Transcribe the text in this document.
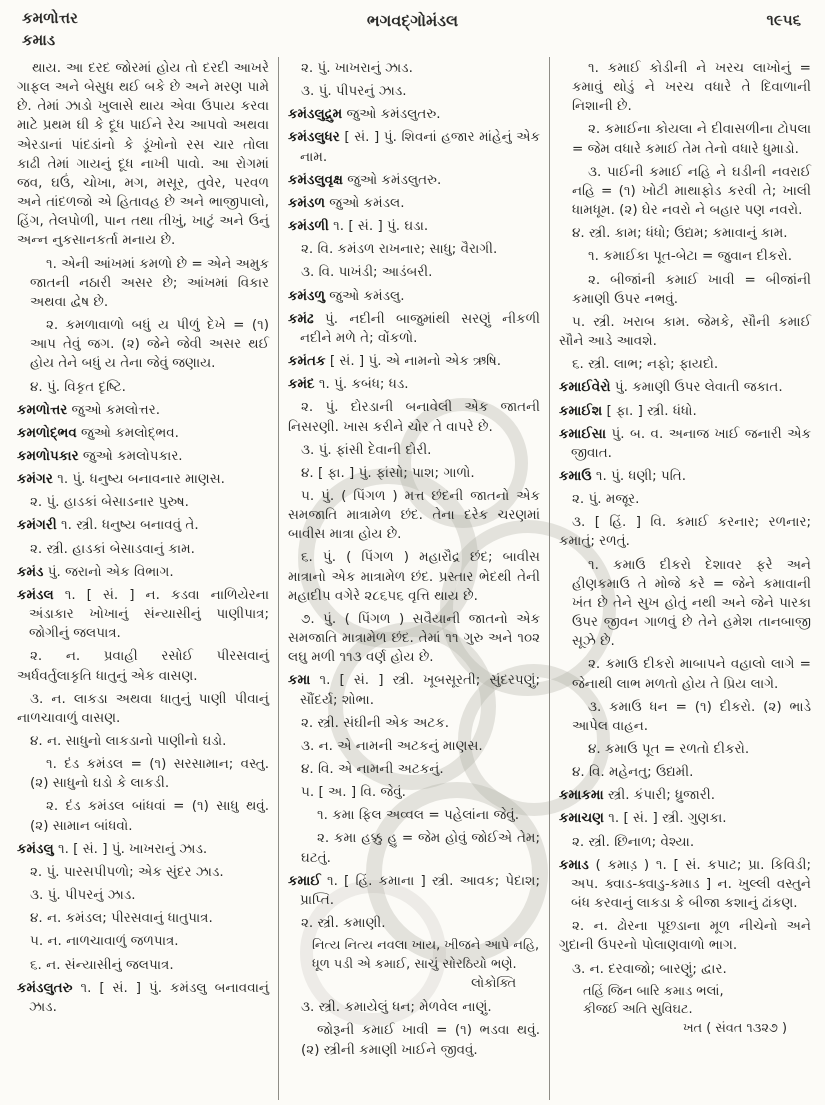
કમળોત્તર
કમાડ
ભગવદ્ગોમંડલ	૧૯૫૬

થાય. આ દરદ જોરમાં હોય તો દરદી આખરે ગાફલ અને બેસુધ થઈ બકે છે અને મરણ પામે છે. તેમાં ઝાડો ખુલાસે થાય એવા ઉપાય કરવા માટે પ્રથમ ઘી કે દૂધ પાઈને રેચ આપવો અથવા એરડાનાં પાંદડાંનો કે ડૂંખોનો રસ ચાર તોલા કાઢી તેમાં ગાયનું દૂધ નાખી પાવો. આ રોગમાં જવ, ઘઉં, ચોખા, મગ, મસૂર, તુવેર, પરવળ અને તાંદળજો એ હિતાવહ છે અને ભાજીપાલો, હિંગ, તેલપોળી, પાન તથા તીખું, ખાટું અને ઉનું અન્ન નુકસાનકર્તા મનાય છે.

૧. એની આંખમાં કમળો છે = એને અમુક જાતની નઠારી અસર છે; આંખમાં વિકાર અથવા દ્વેષ છે.

૨. કમળાવાળો બધું ય પીળું દેખે = (૧) આપ તેવું જગ. (૨) જેને જેવી અસર થઈ હોય તેને બધું ય તેના જેવું જણાય.

૪. પું. વિકૃત દૃષ્ટિ.

કમળોત્તર જુઓ કમલોત્તર.

કમળોદ્ભવ જુઓ કમલોદ્ભવ.

કમળોપકાર જુઓ કમલોપકાર.

કમંગર ૧. પું. ધનુષ્ય બનાવનાર માણસ.

૨. પું. હાડકાં બેસાડનાર પુરુષ.

કમંગરી ૧. સ્ત્રી. ધનુષ્ય બનાવવું તે.

૨. સ્ત્રી. હાડકાં બેસાડવાનું કામ.

કમંડ પું. જરાનો એક વિભાગ.

કમંડલ ૧. [ સં. ] ન. કડવા નાળિયેરના અંડાકાર ખોખાનું સંન્યાસીનું પાણીપાત્ર; જોગીનું જલપાત્ર.

૨. ન. પ્રવાહી રસોઈ પીરસવાનું અર્ધવર્તુલાકૃતિ ધાતુનું એક વાસણ.

૩. ન. લાકડા અથવા ધાતુનું પાણી પીવાનું નાળચાવાળું વાસણ.

૪. ન. સાધુનો લાકડાનો પાણીનો ઘડો.

૧. દંડ કમંડલ = (૧) સરસામાન; વસ્તુ. (૨) સાધુનો ઘડો કે લાકડી.

૨. દંડ કમંડલ બાંધવાં = (૧) સાધુ થવું. (૨) સામાન બાંધવો.

કમંડલુ ૧. [ સં. ] પું. ખાખરાનું ઝાડ.

૨. પું. પારસપીપળો; એક સુંદર ઝાડ.

૩. પું. પીપરનું ઝાડ.

૪. ન. કમંડલ; પીરસવાનું ધાતુપાત્ર.

૫. ન. નાળચાવાળું જળપાત્ર.

૬. ન. સંન્યાસીનું જલપાત્ર.

કમંડલુતરુ ૧. [ સં. ] પું. કમંડલુ બનાવવાનું ઝાડ.

૨. પું. ખાખરાનું ઝાડ.

૩. પું. પીપરનું ઝાડ.

કમંડલુદ્રુમ જુઓ કમંડલુતરુ.

કમંડલુધર [ સં. ] પું. શિવનાં હજાર માંહેનું એક નામ.

કમંડલુવૃક્ષ જુઓ કમંડલુતરુ.

કમંડળ જુઓ કમંડલ.

કમંડળી ૧. [ સં. ] પું. ઘડા.

૨. વિ. કમંડળ રાખનાર; સાધુ; વૈરાગી.

૩. વિ. પાખંડી; આડંબરી.

કમંડળુ જુઓ કમંડલુ.

કમંઢ પું. નદીની બાજુમાંથી સરણું નીકળી નદીને મળે તે; વોંકળો.

કમંતક [ સં. ] પું. એ નામનો એક ઋષિ.

કમંદ ૧. પું. કબંધ; ધડ.

૨. પું. દોરડાની બનાવેલી એક જાતની નિસરણી. ખાસ કરીને ચોર તે વાપરે છે.

૩. પું. ફાંસી દેવાની દોરી.

૪. [ ફા. ] પું. ફાંસો; પાશ; ગાળો.

૫. પું. ( પિંગળ ) મત્ત છંદની જાતનો એક સમજાતિ માત્રામેળ છંદ. તેના દરેક ચરણમાં બાવીસ માત્રા હોય છે.

૬. પું. ( પિંગળ ) મહારૌદ્ર છંદ; બાવીસ માત્રાનો એક માત્રામેળ છંદ. પ્રસ્તાર ભેદથી તેની મહાદીપ વગેરે ૨૮૬૫૬ વૃત્તિ થાય છે.

૭. પું. ( પિંગળ ) સવૈયાની જાતનો એક સમજાતિ માત્રામેળ છંદ. તેમાં ૧૧ ગુરુ અને ૧૦૨ લઘુ મળી ૧૧૩ વર્ણ હોય છે.

કમા ૧. [ સં. ] સ્ત્રી. ખૂબસૂરતી; સુંદરપણું; સૌંદર્ય; શોભા.

૨. સ્ત્રી. સંઘીની એક અટક.

૩. ન. એ નામની અટકનું માણસ.

૪. વિ. એ નામની અટકનું.

૫. [ અ. ] વિ. જેવું.

૧. કમા ફિલ અવ્વલ = પહેલાંના જેવું.

૨. કમા હક્કુ હુ = જેમ હોવું જોઈએ તેમ; ઘટતું.

કમાઈ ૧. [ હિં. કમાના ] સ્ત્રી. આવક; પેદાશ; પ્રાપ્તિ.

૨. સ્ત્રી. કમાણી.

નિત્ય નિત્ય નવલા ખાય, ખીજને આપે નહિ,
ધૂળ પડી એ કમાઈ, સાચું સોરઠિયો ભણે.

લોકોક્તિ

૩. સ્ત્રી. કમાયેલું ધન; મેળવેલ નાણું.

જોરૂની કમાઈ ખાવી = (૧) ભડવા થવું. (૨) સ્ત્રીની કમાણી ખાઈને જીવવું.

૧. કમાઈ કોડીની ને ખરચ લાખોનું = કમાવું થોડું ને ખરચ વધારે તે દિવાળાની નિશાની છે.

૨. કમાઈના કોયલા ને દીવાસળીના ટોપલા = જેમ વધારે કમાઈ તેમ તેનો વધારે ધુમાડો.

૩. પાઈની કમાઈ નહિ ને ઘડીની નવરાઈ નહિ = (૧) ખોટી માથાફોડ કરવી તે; ખાલી ધામધૂમ. (૨) ઘેર નવરો ને બહાર પણ નવરો.

૪. સ્ત્રી. કામ; ધંધો; ઉદ્યમ; કમાવાનું કામ.

૧. કમાઈકા પૂત-બેટા = જુવાન દીકરો.

૨. બીજાંની કમાઈ ખાવી = બીજાંની કમાણી ઉપર નભવું.

૫. સ્ત્રી. ખરાબ કામ. જેમકે, સૌની કમાઈ સૌને આડે આવશે.

૬. સ્ત્રી. લાભ; નફો; ફાયદો.

કમાઈવેરો પું. કમાણી ઉપર લેવાતી જકાત.

કમાઈશ [ ફા. ] સ્ત્રી. ધંધો.

કમાઈસા પું. બ. વ. અનાજ ખાઈ જનારી એક જીવાત.

કમાઉ ૧. પું. ધણી; પતિ.

૨. પું. મજૂર.

૩. [ હિં. ] વિ. કમાઈ કરનાર; રળનાર; કમાતું; રળતું.

૧. કમાઉ દીકરો દેશાવર ફરે અને હીણકમાઉ તે મોજે કરે = જેને કમાવાની ખંત છે તેને સુખ હોતું નથી અને જેને પારકા ઉપર જીવન ગાળવું છે તેને હમેશ તાનબાજી સૂઝે છે.

૨. કમાઉ દીકરો માબાપને વહાલો લાગે = જેનાથી લાભ મળતો હોય તે પ્રિય લાગે.

૩. કમાઉ ધન = (૧) દીકરો. (૨) ભાડે આપેલ વાહન.

૪. કમાઉ પૂત = રળતો દીકરો.

૪. વિ. મહેનતુ; ઉદ્યમી.

કમાકમા સ્ત્રી. કંપારી; ધ્રુજારી.

કમાચણ ૧. [ સં. ] સ્ત્રી. ગુણકા.

૨. સ્ત્રી. છિનાળ; વેશ્યા.

કમાડ ( કમાડ઼ ) ૧. [ સં. કપાટ; પ્રા. કિવિડી; અપ. ક્વાડ-ક્વાડુ-કમાડ ] ન. ખુલ્લી વસ્તુને બંધ કરવાનું લાકડા કે બીજા કશાનું ઢાંકણ.

૨. ન. ઢોરના પૂછડાના મૂળ નીચેનો અને ગુદાની ઉપરનો પોલાણવાળો ભાગ.

૩. ન. દરવાજો; બારણું; દ્વાર.

તહિં જિન બારિ કમાડ ભલાં,
કીજઈ અતિ સુવિઘટ.

ખત ( સંવત ૧૩૨૭ )
